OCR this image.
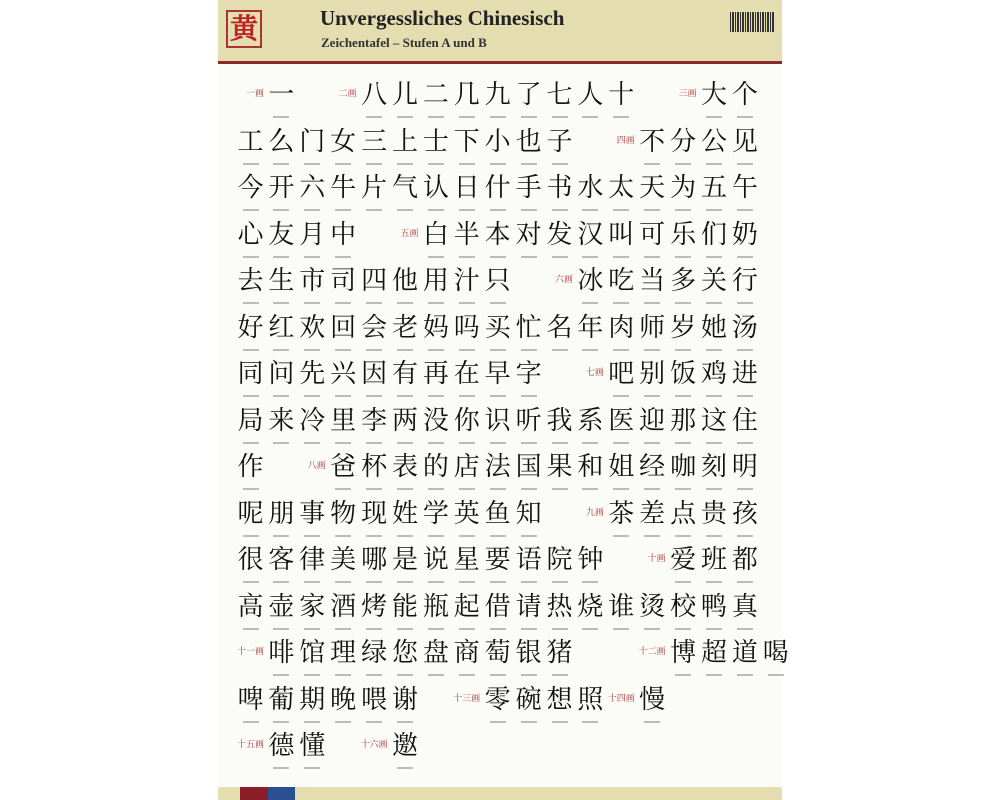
黄	Unvergessliches Chinesisch
Zeichentafel – Stufen A und B
一画 一	二画 八 儿 二 几 九 了 七 人 十	三画 大 个
工 么 门 女 三 上 士 下 小 也 子	四画 不 分 公 见
今 开 六 牛 片 气 认 日 什 手 书 水 太 天 为 五 午
心 友 月 中	五画 白 半 本 对 发 汉 叫 可 乐 们 奶
去 生 市 司 四 他 用 汁 只	六画 冰 吃 当 多 关 行
好 红 欢 回 会 老 妈 吗 买 忙 名 年 肉 师 岁 她 汤
同 问 先 兴 因 有 再 在 早 字	七画 吧 别 饭 鸡 进
局 来 冷 里 李 两 没 你 识 听 我 系 医 迎 那 这 住
作	八画 爸 杯 表 的 店 法 国 果 和 姐 经 咖 刻 明
呢 朋 事 物 现 姓 学 英 鱼 知	九画 茶 差 点 贵 孩
很 客 律 美 哪 是 说 星 要 语 院 钟	十画 爱 班 都
高 壶 家 酒 烤 能 瓶 起 借 请 热 烧 谁 烫 校 鸭 真
十一画 啡 馆 理 绿 您 盘 商 萄 银 猪	十二画 博 超 道 喝
啤 葡 期 晚 喂 谢	十三画 零 碗 想 照 十四画 慢
十五画 德 懂	十六画 邀
